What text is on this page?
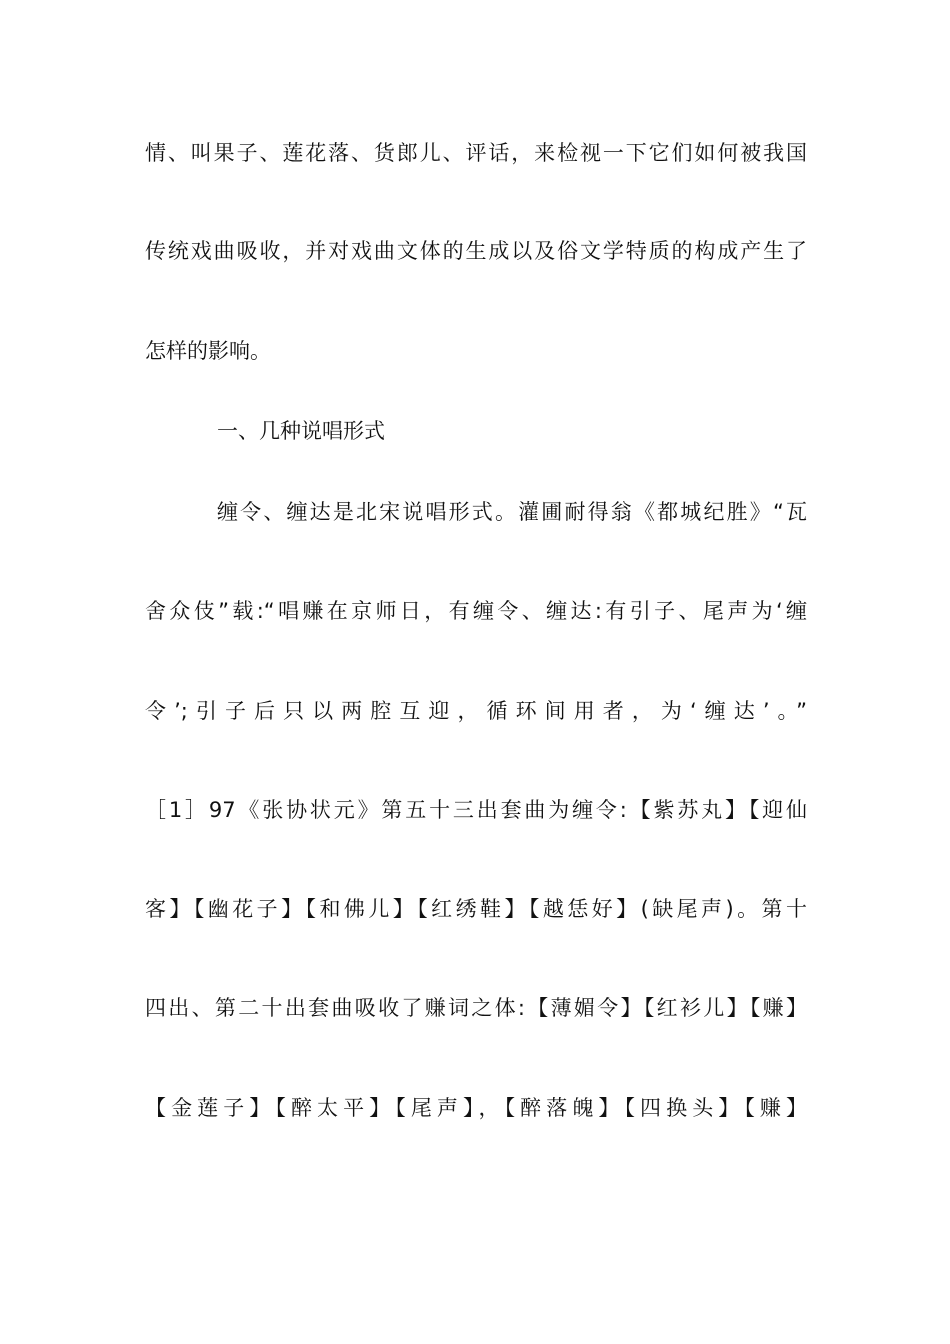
情、叫果子、莲花落、货郎儿、评话，来检视一下它们如何被我国
传统戏曲吸收，并对戏曲文体的生成以及俗文学特质的构成产生了
怎样的影响。
一、几种说唱形式
缠令、缠达是北宋说唱形式。灌圃耐得翁《都城纪胜》“瓦
舍众伎”载:“唱赚在京师日，有缠令、缠达:有引子、尾声为‘缠
令’;引子后只以两腔互迎，循环间用者，为‘缠达’。”
［1］97《张协状元》第五十三出套曲为缠令:【紫苏丸】【迎仙
客】【幽花子】【和佛儿】【红绣鞋】【越恁好】(缺尾声)。第十
四出、第二十出套曲吸收了赚词之体:【薄媚令】【红衫儿】【赚】
【金莲子】【醉太平】【尾声】，【醉落魄】【四换头】【赚】
